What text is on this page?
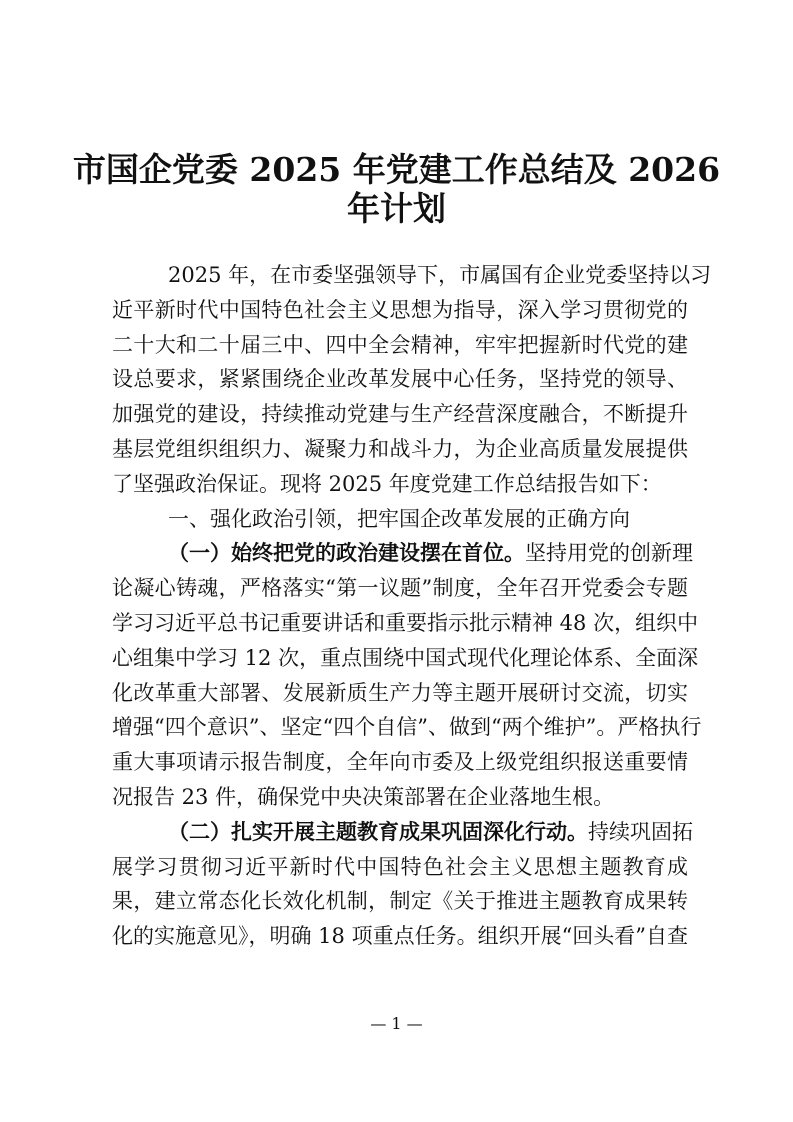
市国企党委 2025 年党建工作总结及 2026
年计划
2025 年，在市委坚强领导下，市属国有企业党委坚持以习
近平新时代中国特色社会主义思想为指导，深入学习贯彻党的
二十大和二十届三中、四中全会精神，牢牢把握新时代党的建
设总要求，紧紧围绕企业改革发展中心任务，坚持党的领导、
加强党的建设，持续推动党建与生产经营深度融合，不断提升
基层党组织组织力、凝聚力和战斗力，为企业高质量发展提供
了坚强政治保证。现将 2025 年度党建工作总结报告如下：
一、强化政治引领，把牢国企改革发展的正确方向
（一）始终把党的政治建设摆在首位。坚持用党的创新理
论凝心铸魂，严格落实“第一议题”制度，全年召开党委会专题
学习习近平总书记重要讲话和重要指示批示精神 48 次，组织中
心组集中学习 12 次，重点围绕中国式现代化理论体系、全面深
化改革重大部署、发展新质生产力等主题开展研讨交流，切实
增强“四个意识”、坚定“四个自信”、做到“两个维护”。严格执行
重大事项请示报告制度，全年向市委及上级党组织报送重要情
况报告 23 件，确保党中央决策部署在企业落地生根。
（二）扎实开展主题教育成果巩固深化行动。持续巩固拓
展学习贯彻习近平新时代中国特色社会主义思想主题教育成
果，建立常态化长效化机制，制定《关于推进主题教育成果转
化的实施意见》，明确 18 项重点任务。组织开展“回头看”自查
— 1 —
